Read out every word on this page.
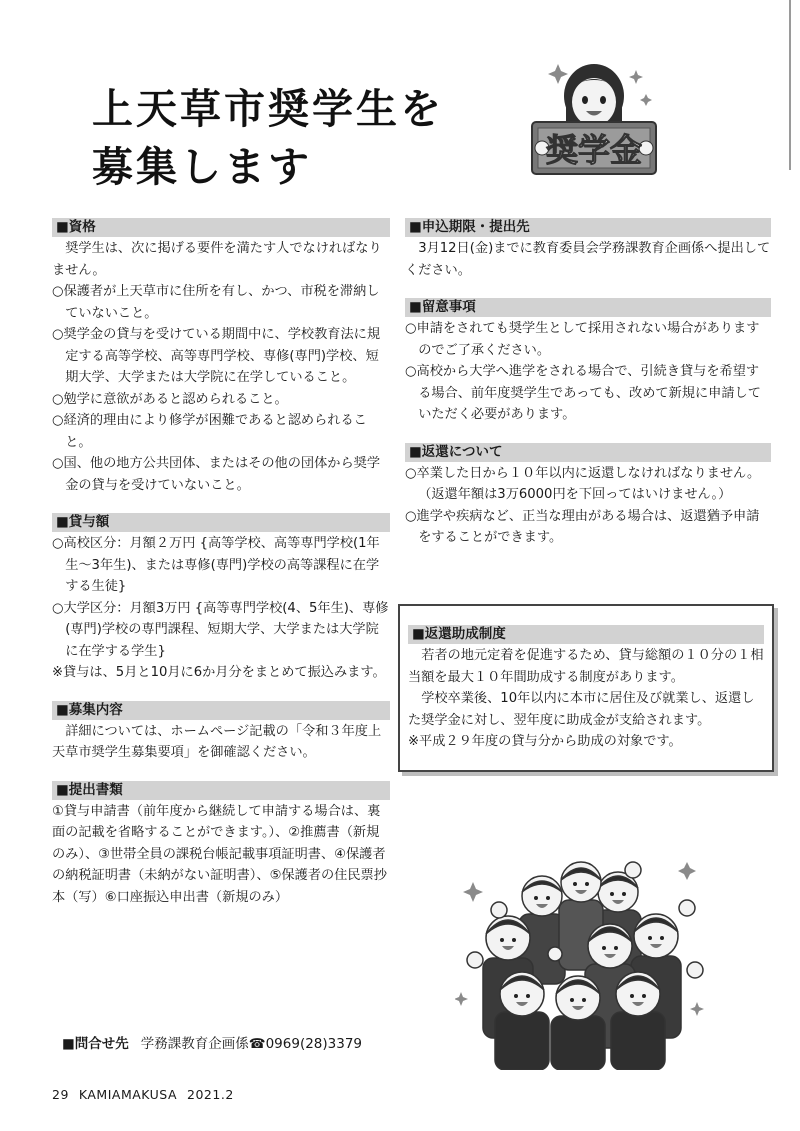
上天草市奨学生を
募集します	奨学金
■資格
奨学生は、次に掲げる要件を満たす人でなければなりません。
○保護者が上天草市に住所を有し、かつ、市税を滞納していないこと。
○奨学金の貸与を受けている期間中に、学校教育法に規定する高等学校、高等専門学校、専修(専門)学校、短期大学、大学または大学院に在学していること。
○勉学に意欲があると認められること。
○経済的理由により修学が困難であると認められること。
○国、他の地方公共団体、またはその他の団体から奨学金の貸与を受けていないこと。
■貸与額
○高校区分：月額２万円 {高等学校、高等専門学校(1年生～3年生)、または専修(専門)学校の高等課程に在学する生徒}
○大学区分：月額3万円 {高等専門学校(4、5年生)、専修(専門)学校の専門課程、短期大学、大学または大学院に在学する学生}
※貸与は、5月と10月に6か月分をまとめて振込みます。
■募集内容
詳細については、ホームページ記載の「令和３年度上天草市奨学生募集要項」を御確認ください。
■提出書類
①貸与申請書（前年度から継続して申請する場合は、裏面の記載を省略することができます。）、②推薦書（新規のみ）、③世帯全員の課税台帳記載事項証明書、④保護者の納税証明書（未納がない証明書）、⑤保護者の住民票抄本（写）⑥口座振込申出書（新規のみ）
■申込期限・提出先
3月12日(金)までに教育委員会学務課教育企画係へ提出してください。
■留意事項
○申請をされても奨学生として採用されない場合がありますのでご了承ください。
○高校から大学へ進学をされる場合で、引続き貸与を希望する場合、前年度奨学生であっても、改めて新規に申請していただく必要があります。
■返還について
○卒業した日から１０年以内に返還しなければなりません。（返還年額は3万6000円を下回ってはいけません。）
○進学や疾病など、正当な理由がある場合は、返還猶予申請をすることができます。
■返還助成制度
若者の地元定着を促進するため、貸与総額の１０分の１相当額を最大１０年間助成する制度があります。
学校卒業後、10年以内に本市に居住及び就業し、返還した奨学金に対し、翌年度に助成金が支給されます。
※平成２９年度の貸与分から助成の対象です。
■問合せ先 学務課教育企画係☎0969(28)3379
29 KAMIAMAKUSA 2021.2
